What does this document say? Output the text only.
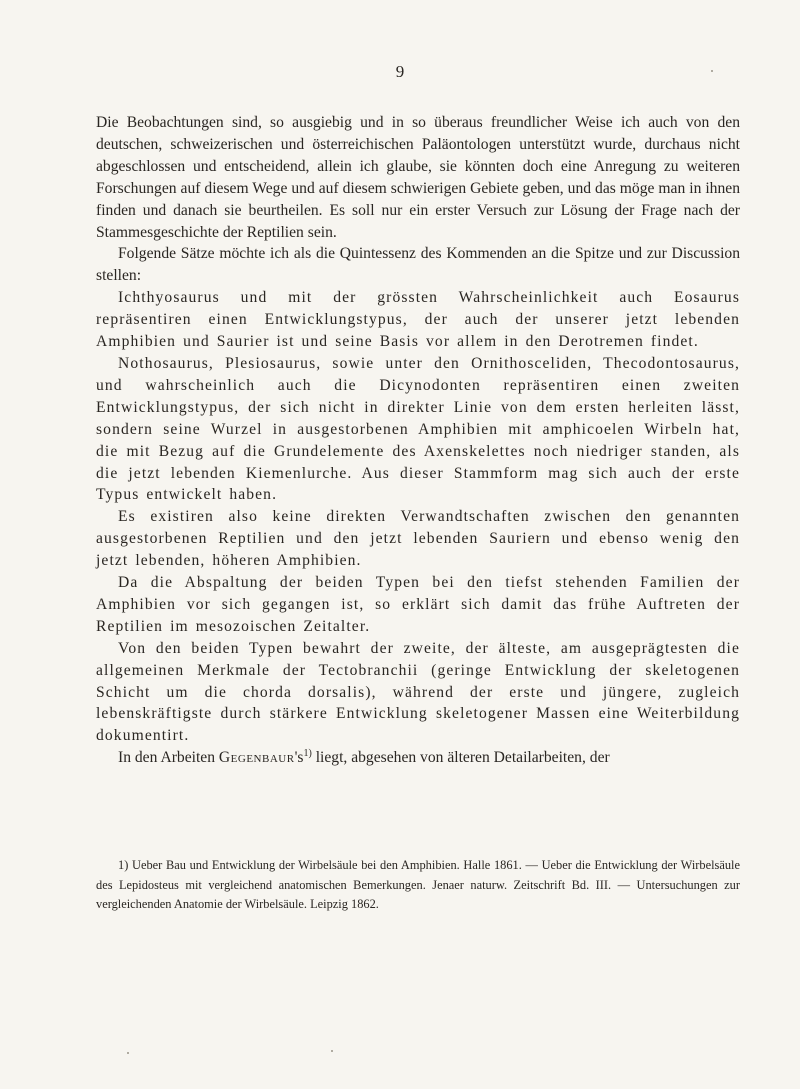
9

Die Beobachtungen sind, so ausgiebig und in so überaus freundlicher Weise ich auch von den deutschen, schweizerischen und österreichischen Paläontologen unterstützt wurde, durchaus nicht abgeschlossen und entscheidend, allein ich glaube, sie könnten doch eine Anregung zu weiteren Forschungen auf diesem Wege und auf diesem schwierigen Gebiete geben, und das möge man in ihnen finden und danach sie beurtheilen. Es soll nur ein erster Versuch zur Lösung der Frage nach der Stammesgeschichte der Reptilien sein.

Folgende Sätze möchte ich als die Quintessenz des Kommenden an die Spitze und zur Discussion stellen:

Ichthyosaurus und mit der grössten Wahrscheinlichkeit auch Eosaurus repräsentiren einen Entwicklungstypus, der auch der unserer jetzt lebenden Amphibien und Saurier ist und seine Basis vor allem in den Derotremen findet.

Nothosaurus, Plesiosaurus, sowie unter den Ornithosceliden, Thecodontosaurus, und wahrscheinlich auch die Dicynodonten repräsentiren einen zweiten Entwicklungstypus, der sich nicht in direkter Linie von dem ersten herleiten lässt, sondern seine Wurzel in ausgestorbenen Amphibien mit amphicoelen Wirbeln hat, die mit Bezug auf die Grundelemente des Axenskelettes noch niedriger standen, als die jetzt lebenden Kiemenlurche. Aus dieser Stammform mag sich auch der erste Typus entwickelt haben.

Es existiren also keine direkten Verwandtschaften zwischen den genannten ausgestorbenen Reptilien und den jetzt lebenden Sauriern und ebenso wenig den jetzt lebenden, höheren Amphibien.

Da die Abspaltung der beiden Typen bei den tiefst stehenden Familien der Amphibien vor sich gegangen ist, so erklärt sich damit das frühe Auftreten der Reptilien im mesozoischen Zeitalter.

Von den beiden Typen bewahrt der zweite, der älteste, am ausgeprägtesten die allgemeinen Merkmale der Tectobranchii (geringe Entwicklung der skeletogenen Schicht um die chorda dorsalis), während der erste und jüngere, zugleich lebenskräftigste durch stärkere Entwicklung skeletogener Massen eine Weiterbildung dokumentirt.

In den Arbeiten $Gegenbaur's^{1)}$ liegt, abgesehen von älteren Detailarbeiten, der

1) Ueber Bau und Entwicklung der Wirbelsäule bei den Amphibien. Halle 1861. — Ueber die Entwicklung der Wirbelsäule des Lepidosteus mit vergleichend anatomischen Bemerkungen. Jenaer naturw. Zeitschrift Bd. III. — Untersuchungen zur vergleichenden Anatomie der Wirbelsäule. Leipzig 1862.
